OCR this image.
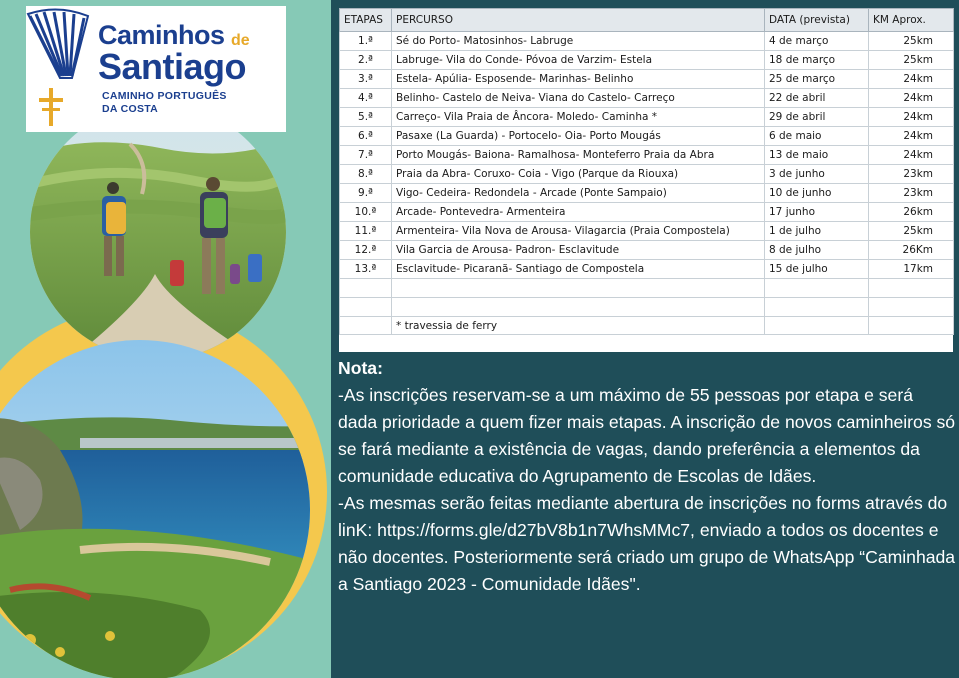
Caminhos de
Santiago
CAMINHO PORTUGUÊS
DA COSTA
ETAPAS	PERCURSO	DATA (prevista)	KM Aprox.
1.ª	Sé do Porto- Matosinhos- Labruge	4 de março	25km
2.ª	Labruge- Vila do Conde- Póvoa de Varzim- Estela	18 de março	25km
3.ª	Estela- Apúlia- Esposende- Marinhas- Belinho	25 de março	24km
4.ª	Belinho- Castelo de Neiva- Viana do Castelo- Carreço	22 de abril	24km
5.ª	Carreço- Vila Praia de Âncora- Moledo- Caminha *	29 de abril	24km
6.ª	Pasaxe (La Guarda) - Portocelo- Oia- Porto Mougás	6 de maio	24km
7.ª	Porto Mougás- Baiona- Ramalhosa- Monteferro Praia da Abra	13 de maio	24km
8.ª	Praia da Abra- Coruxo- Coia - Vigo (Parque da Riouxa)	3 de junho	23km
9.ª	Vigo- Cedeira- Redondela - Arcade (Ponte Sampaio)	10 de junho	23km
10.ª	Arcade- Pontevedra- Armenteira	17 junho	26km
11.ª	Armenteira- Vila Nova de Arousa- Vilagarcia (Praia Compostela)	1 de julho	25km
12.ª	Vila Garcia de Arousa- Padron- Esclavitude	8 de julho	26Km
13.ª	Esclavitude- Picaranã- Santiago de Compostela	15 de julho	17km

	* travessia de ferry		
Nota:

-As inscrições reservam-se a um máximo de 55 pessoas por etapa e será dada prioridade a quem fizer mais etapas. A inscrição de novos caminheiros só se fará mediante a existência de vagas, dando preferência a elementos da comunidade educativa do Agrupamento de Escolas de Idães.

-As mesmas serão feitas mediante abertura de inscrições no forms através do linK: https://forms.gle/d27bV8b1n7WhsMMc7, enviado a todos os docentes e não docentes. Posteriormente será criado um grupo de WhatsApp “Caminhada a Santiago 2023 - Comunidade Idães".
